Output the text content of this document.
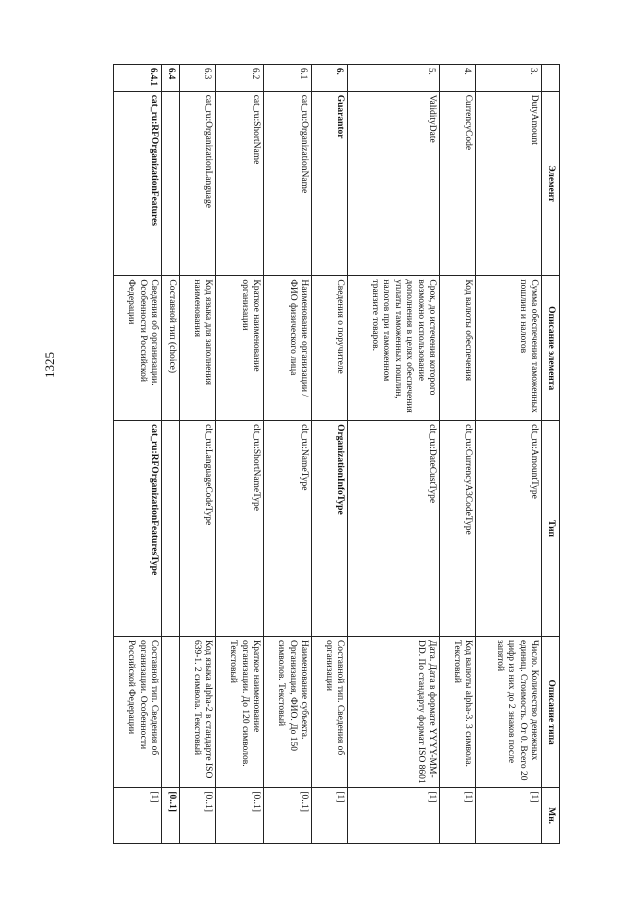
1325
	Элемент	Описание элемента	Тип	Описание типа	Мн.
3.	DutyAmount	Сумма обеспечения таможенных пошлин и налогов	clt_ru:AmountType	Число. Количество денежных единиц. Стоимость. От 0. Всего 20 цифр из них до 2 знаков после запятой	[1]
4.	CurrencyCode	Код валюты обеспечения	clt_ru:CurrencyA3CodeType	Код валюты alpha-3. 3 символа. Текстовый	[1]
5.	ValidityDate	Срок, до истечения которого возможно использование дополнения в целях обеспечения уплаты таможенных пошлин, налогов при таможенном транзите товаров.	clt_ru:DateCustType	Дата. Дата в формате YYYY-MM-DD. По стандарту формат ISO 8601	[1]
6.	Guarantor	Сведения о поручителе	OrganizationInfoType	Составной тип. Сведения об организации	[1]
6.1	cat_ru:OrganizationName	Наименование организации / ФИО физического лица	clt_ru:NameType	Наименование субъекта. Организация, ФИО. До 150 символов. Текстовый	[0..1]
6.2	cat_ru:ShortName	Краткое наименование организации	clt_ru:ShortNameType	Краткое наименование организации. До 120 символов. Текстовый	[0..1]
6.3	cat_ru:OrganizationLanguage	Код языка для заполнения наименования	clt_ru:LanguageCodeType	Код языка alpha-2 в стандарте ISO 639-1. 2 символа. Текстовый	[0..1]
6.4		Составной тип (choice)			[0..1]
6.4.1	cat_ru:RFOrganizationFeatures	Сведения об организации. Особенности Российской Федерации	cat_ru:RFOrganizationFeaturesType	Составной тип. Сведения об организации. Особенности Российской Федерации	[1]
